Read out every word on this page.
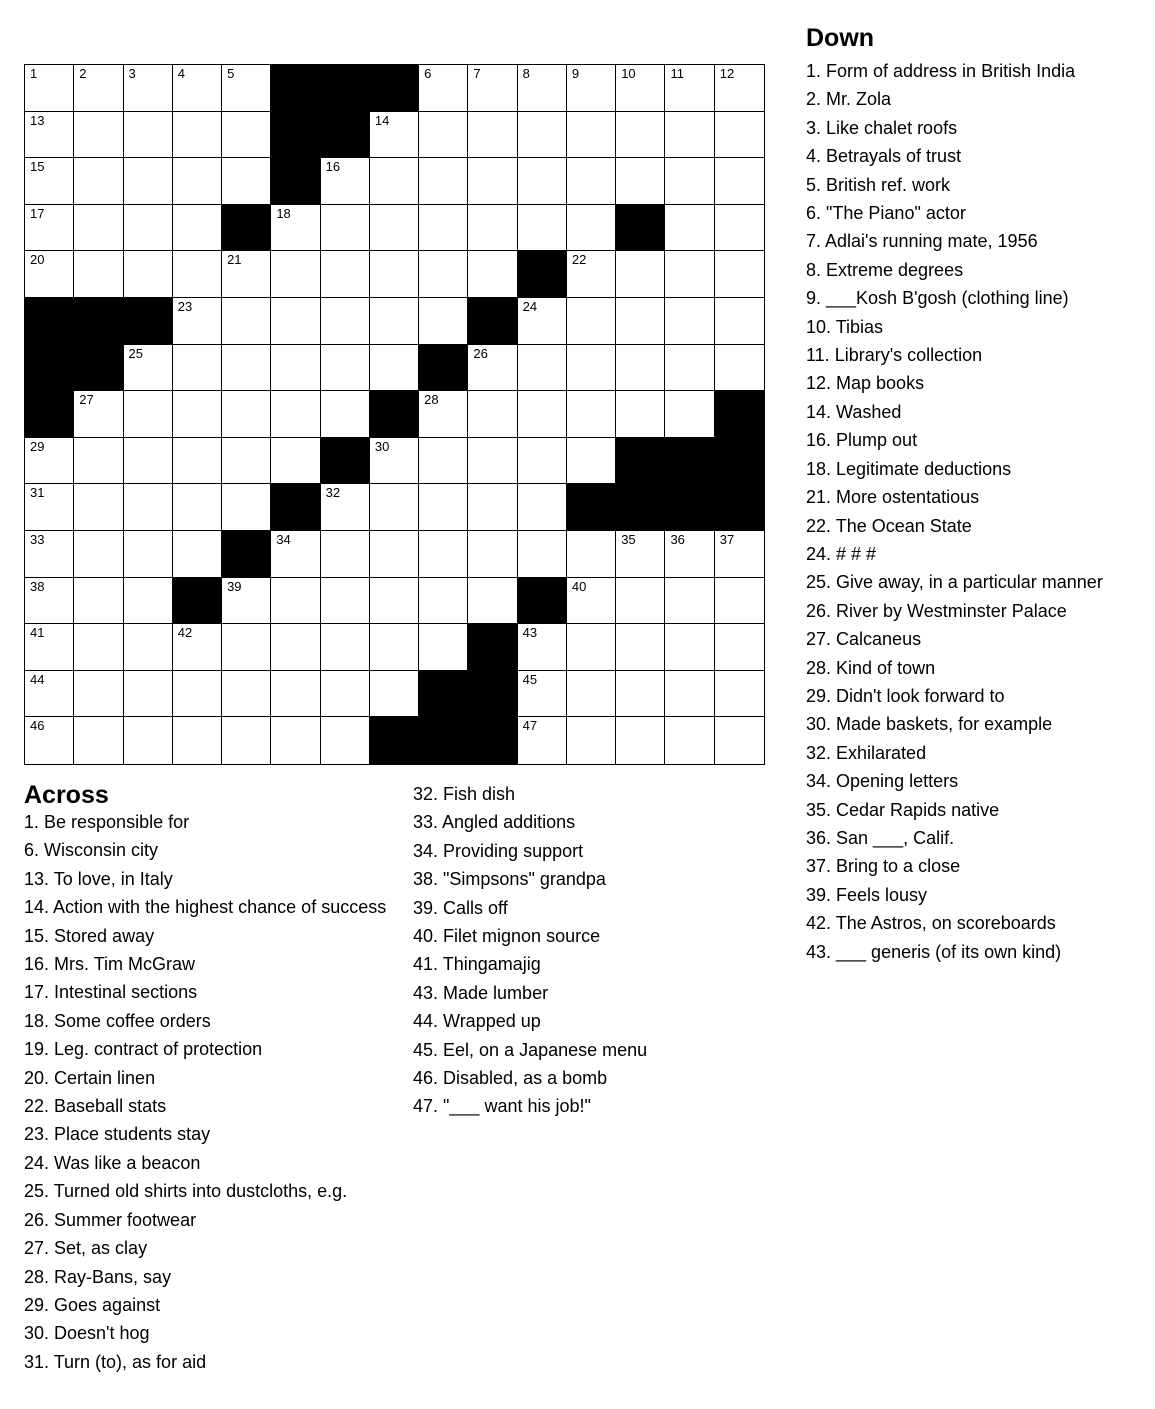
1	2	3	4	5	6	7	8	9	10	11	12
13	14
15	16
17	18
20	21	22
23	24
25	26
27	28
29	30
31	32
33	34	35	36	37
38	39	40
41	42	43
44	45
46	47
Across
1. Be responsible for
6. Wisconsin city
13. To love, in Italy
14. Action with the highest chance of success
15. Stored away
16. Mrs. Tim McGraw
17. Intestinal sections
18. Some coffee orders
19. Leg. contract of protection
20. Certain linen
22. Baseball stats
23. Place students stay
24. Was like a beacon
25. Turned old shirts into dustcloths, e.g.
26. Summer footwear
27. Set, as clay
28. Ray-Bans, say
29. Goes against
30. Doesn't hog
31. Turn (to), as for aid
32. Fish dish
33. Angled additions
34. Providing support
38. "Simpsons" grandpa
39. Calls off
40. Filet mignon source
41. Thingamajig
43. Made lumber
44. Wrapped up
45. Eel, on a Japanese menu
46. Disabled, as a bomb
47. "___ want his job!"
Down
1. Form of address in British India
2. Mr. Zola
3. Like chalet roofs
4. Betrayals of trust
5. British ref. work
6. "The Piano" actor
7. Adlai's running mate, 1956
8. Extreme degrees
9. ___Kosh B'gosh (clothing line)
10. Tibias
11. Library's collection
12. Map books
14. Washed
16. Plump out
18. Legitimate deductions
21. More ostentatious
22. The Ocean State
24. # # #
25. Give away, in a particular manner
26. River by Westminster Palace
27. Calcaneus
28. Kind of town
29. Didn't look forward to
30. Made baskets, for example
32. Exhilarated
34. Opening letters
35. Cedar Rapids native
36. San ___, Calif.
37. Bring to a close
39. Feels lousy
42. The Astros, on scoreboards
43. ___ generis (of its own kind)
